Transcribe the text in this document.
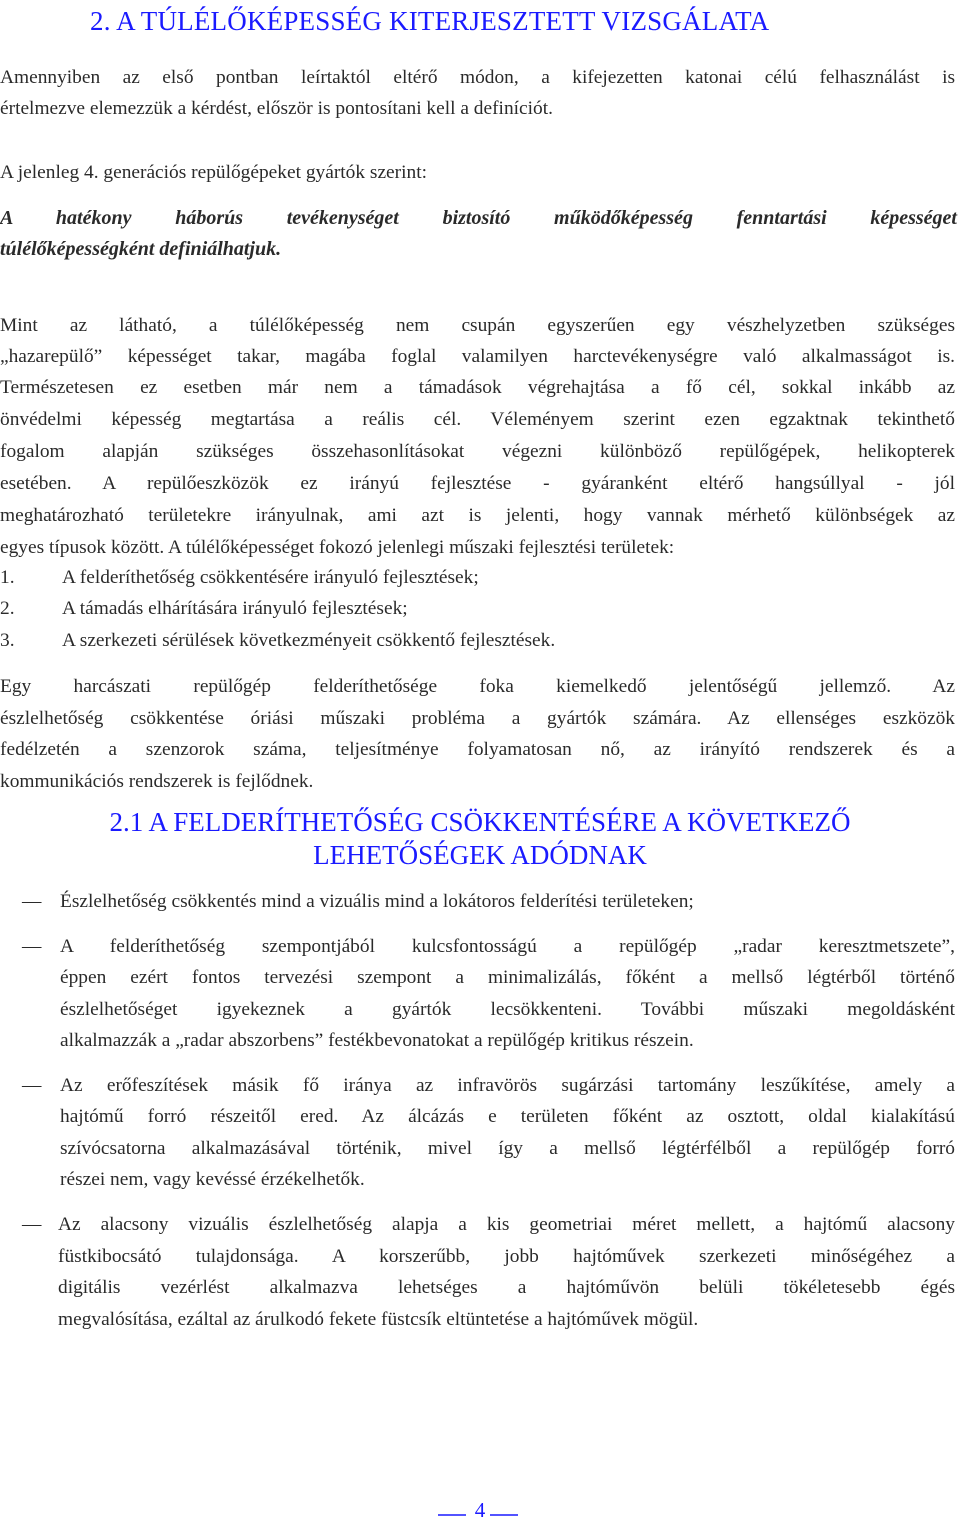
2. A TÚLÉLŐKÉPESSÉG KITERJESZTETT VIZSGÁLATA
Amennyiben az első pontban leírtaktól eltérő módon, a kifejezetten katonai célú felhasználást is
értelmezve elemezzük a kérdést, először is pontosítani kell a definíciót.
A jelenleg 4. generációs repülőgépeket gyártók szerint:
A hatékony háborús tevékenységet biztosító működőképesség fenntartási képességet
túlélőképességként definiálhatjuk.
Mint az látható, a túlélőképesség nem csupán egyszerűen egy vészhelyzetben szükséges
„hazarepülő” képességet takar, magába foglal valamilyen harctevékenységre való alkalmasságot is.
Természetesen ez esetben már nem a támadások végrehajtása a fő cél, sokkal inkább az
önvédelmi képesség megtartása a reális cél. Véleményem szerint ezen egzaktnak tekinthető
fogalom alapján szükséges összehasonlításokat végezni különböző repülőgépek, helikopterek
esetében. A repülőeszközök ez irányú fejlesztése - gyáranként eltérő hangsúllyal - jól
meghatározható területekre irányulnak, ami azt is jelenti, hogy vannak mérhető különbségek az
egyes típusok között. A túlélőképességet fokozó jelenlegi műszaki fejlesztési területek:
1.	A felderíthetőség csökkentésére irányuló fejlesztések;
2.	A támadás elhárítására irányuló fejlesztések;
3.	A szerkezeti sérülések következményeit csökkentő fejlesztések.
Egy harcászati repülőgép felderíthetősége foka kiemelkedő jelentőségű jellemző. Az
észlelhetőség csökkentése óriási műszaki probléma a gyártók számára. Az ellenséges eszközök
fedélzetén a szenzorok száma, teljesítménye folyamatosan nő, az irányító rendszerek és a
kommunikációs rendszerek is fejlődnek.
2.1 A FELDERÍTHETŐSÉG CSÖKKENTÉSÉRE A KÖVETKEZŐ
LEHETŐSÉGEK ADÓDNAK
— Észlelhetőség csökkentés mind a vizuális mind a lokátoros felderítési területeken;
— A felderíthetőség szempontjából kulcsfontosságú a repülőgép „radar keresztmetszete”,
éppen ezért fontos tervezési szempont a minimalizálás, főként a mellső légtérből történő
észlelhetőséget igyekeznek a gyártók lecsökkenteni. További műszaki megoldásként
alkalmazzák a „radar abszorbens” festékbevonatokat a repülőgép kritikus részein.
— Az erőfeszítések másik fő iránya az infravörös sugárzási tartomány leszűkítése, amely a
hajtómű forró részeitől ered. Az álcázás e területen főként az osztott, oldal kialakítású
szívócsatorna alkalmazásával történik, mivel így a mellső légtérfélből a repülőgép forró
részei nem, vagy kevéssé érzékelhetők.
— Az alacsony vizuális észlelhetőség alapja a kis geometriai méret mellett, a hajtómű alacsony
füstkibocsátó tulajdonsága. A korszerűbb, jobb hajtóművek szerkezeti minőségéhez a
digitális vezérlést alkalmazva lehetséges a hajtóművön belüli tökéletesebb égés
megvalósítása, ezáltal az árulkodó fekete füstcsík eltüntetése a hajtóművek mögül.
4
